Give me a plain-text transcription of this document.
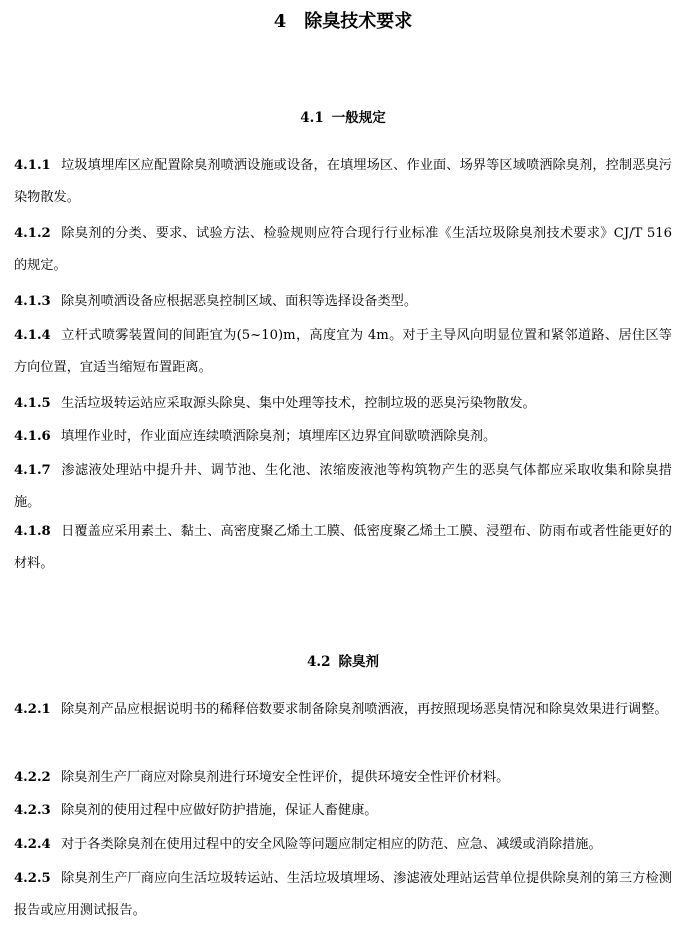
4 除臭技术要求
4.1 一般规定
4.1.1 垃圾填埋库区应配置除臭剂喷洒设施或设备，在填埋场区、作业面、场界等区域喷洒除臭剂，控制恶臭污染物散发。
4.1.2 除臭剂的分类、要求、试验方法、检验规则应符合现行行业标准《生活垃圾除臭剂技术要求》CJ/T 516的规定。
4.1.3 除臭剂喷洒设备应根据恶臭控制区域、面积等选择设备类型。
4.1.4 立杆式喷雾装置间的间距宜为(5~10)m，高度宜为 4m。对于主导风向明显位置和紧邻道路、居住区等方向位置，宜适当缩短布置距离。
4.1.5 生活垃圾转运站应采取源头除臭、集中处理等技术，控制垃圾的恶臭污染物散发。
4.1.6 填埋作业时，作业面应连续喷洒除臭剂；填埋库区边界宜间歇喷洒除臭剂。
4.1.7 渗滤液处理站中提升井、调节池、生化池、浓缩废液池等构筑物产生的恶臭气体都应采取收集和除臭措施。
4.1.8 日覆盖应采用素土、黏土、高密度聚乙烯土工膜、低密度聚乙烯土工膜、浸塑布、防雨布或者性能更好的材料。
4.2 除臭剂
4.2.1 除臭剂产品应根据说明书的稀释倍数要求制备除臭剂喷洒液，再按照现场恶臭情况和除臭效果进行调整。
4.2.2 除臭剂生产厂商应对除臭剂进行环境安全性评价，提供环境安全性评价材料。
4.2.3 除臭剂的使用过程中应做好防护措施，保证人畜健康。
4.2.4 对于各类除臭剂在使用过程中的安全风险等问题应制定相应的防范、应急、减缓或消除措施。
4.2.5 除臭剂生产厂商应向生活垃圾转运站、生活垃圾填埋场、渗滤液处理站运营单位提供除臭剂的第三方检测报告或应用测试报告。
